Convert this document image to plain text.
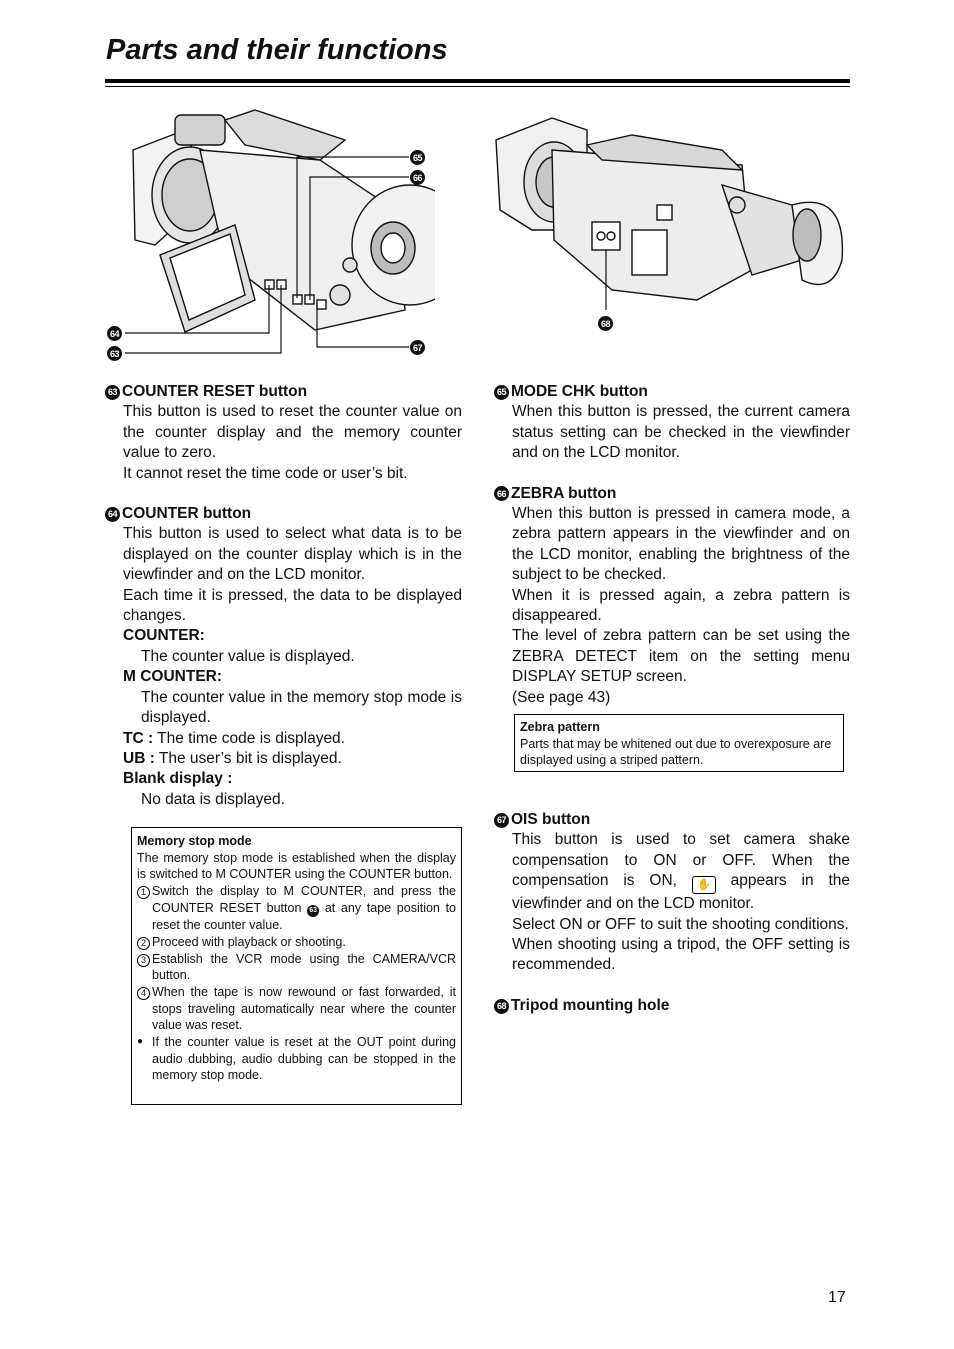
Parts and their functions
65
66
64
63
67
68

63 COUNTER RESET button

This button is used to reset the counter value on the counter display and the memory counter value to zero.

It cannot reset the time code or user’s bit.

64 COUNTER button

This button is used to select what data is to be displayed on the counter display which is in the viewfinder and on the LCD monitor.

Each time it is pressed, the data to be displayed changes.

COUNTER:

The counter value is displayed.

M COUNTER:

The counter value in the memory stop mode is displayed.

TC : The time code is displayed.

UB : The user’s bit is displayed.

Blank display :

No data is displayed.

Memory stop mode

The memory stop mode is established when the display is switched to M COUNTER using the COUNTER button.

1 Switch the display to M COUNTER, and press the COUNTER RESET button 63 at any tape position to reset the counter value.
2 Proceed with playback or shooting.
3 Establish the VCR mode using the CAMERA/VCR button.
4 When the tape is now rewound or fast forwarded, it stops traveling automatically near where the counter value was reset.
● If the counter value is reset at the OUT point during audio dubbing, audio dubbing can be stopped in the memory stop mode.

65 MODE CHK button

When this button is pressed, the current camera status setting can be checked in the viewfinder and on the LCD monitor.

66 ZEBRA button

When this button is pressed in camera mode, a zebra pattern appears in the viewfinder and on the LCD monitor, enabling the brightness of the subject to be checked.

When it is pressed again, a zebra pattern is disappeared.

The level of zebra pattern can be set using the ZEBRA DETECT item on the setting menu DISPLAY SETUP screen.

(See page 43)

Zebra pattern

Parts that may be whitened out due to overexposure are displayed using a striped pattern.

67 OIS button

This button is used to set camera shake compensation to ON or OFF. When the compensation is ON, ✋ appears in the viewfinder and on the LCD monitor.

Select ON or OFF to suit the shooting conditions.

When shooting using a tripod, the OFF setting is recommended.

68 Tripod mounting hole

17
